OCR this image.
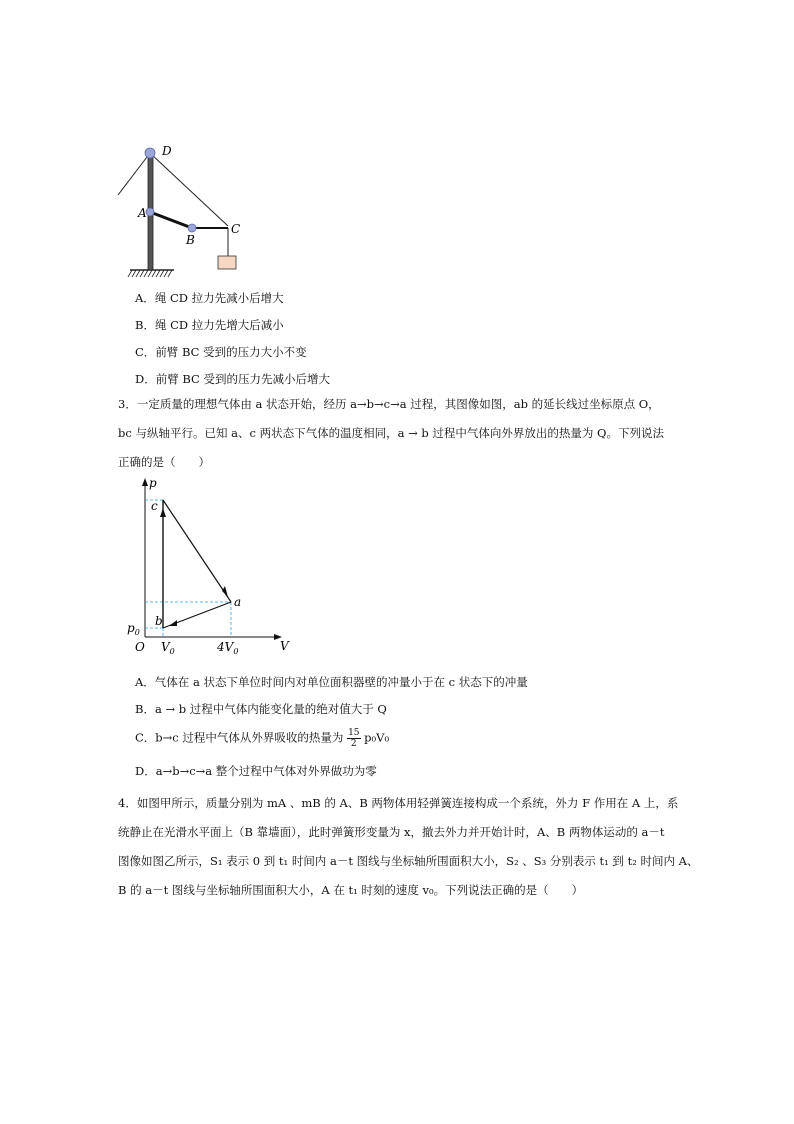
D
A
B
C
A．绳 CD 拉力先减小后增大
B．绳 CD 拉力先增大后减小
C．前臂 BC 受到的压力大小不变
D．前臂 BC 受到的压力先减小后增大

3．一定质量的理想气体由 a 状态开始，经历 a→b→c→a 过程，其图像如图，ab 的延长线过坐标原点 O，

bc 与纵轴平行。已知 a、c 两状态下气体的温度相同，a → b 过程中气体向外界放出的热量为 Q。下列说法

正确的是（　　）

p
V
O
c
a
b
$p_0$
$V_0$	$4V_0$
A．气体在 a 状态下单位时间内对单位面积器壁的冲量小于在 c 状态下的冲量
B．a → b 过程中气体内能变化量的绝对值大于 Q
C．b→c 过程中气体从外界吸收的热量为 $\frac{15}{2} p_0V_0$
D．a→b→c→a 整个过程中气体对外界做功为零

4．如图甲所示，质量分别为 mA 、mB 的 A、B 两物体用轻弹簧连接构成一个系统，外力 F 作用在 A 上，系

统静止在光滑水平面上（B 靠墙面），此时弹簧形变量为 x，撤去外力并开始计时，A、B 两物体运动的 a－t

图像如图乙所示，S₁ 表示 0 到 t₁ 时间内 a－t 图线与坐标轴所围面积大小，S₂ 、S₃ 分别表示 t₁ 到 t₂ 时间内 A、

B 的 a－t 图线与坐标轴所围面积大小，A 在 t₁ 时刻的速度 v₀。下列说法正确的是（　　）
